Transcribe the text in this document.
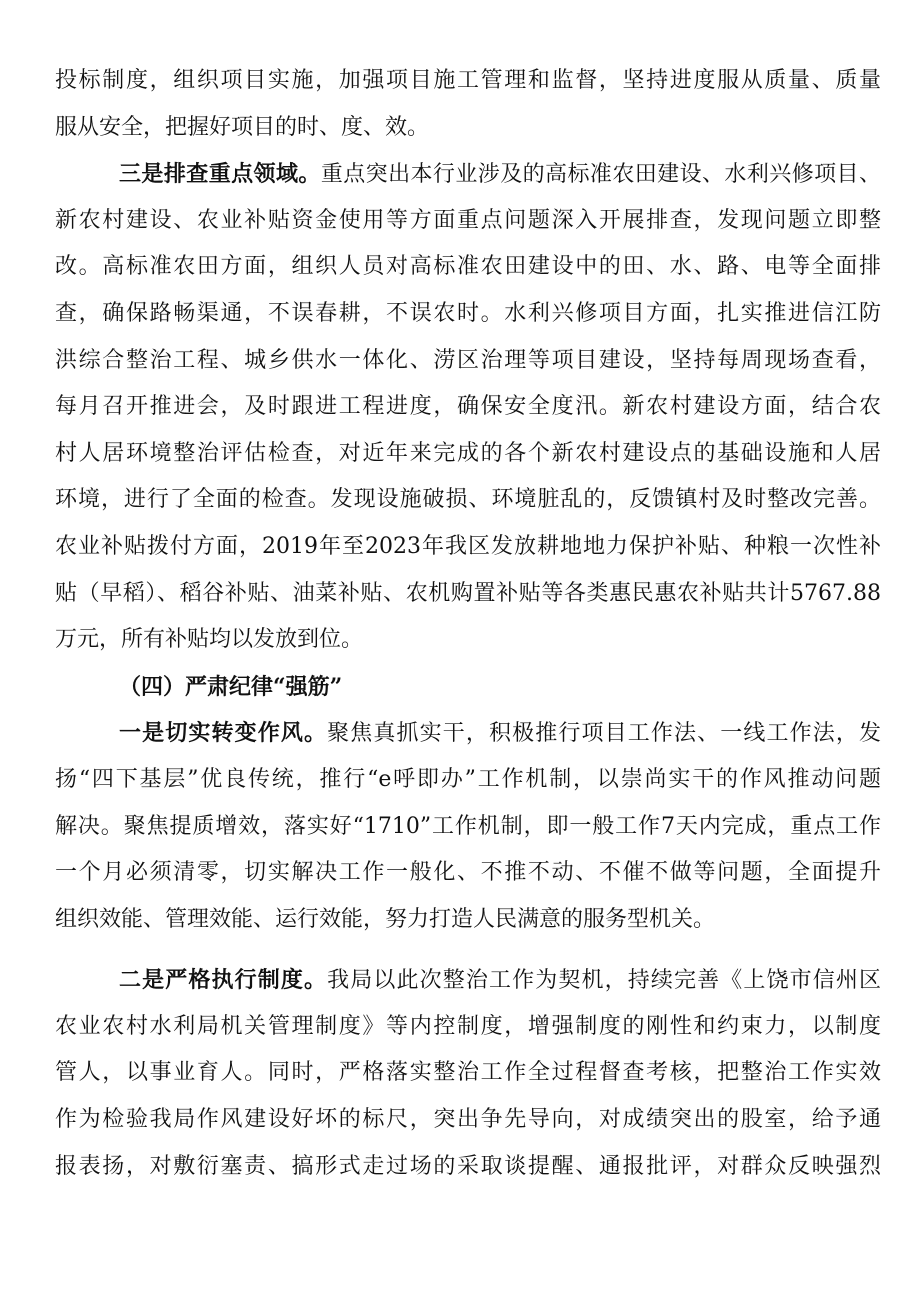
投标制度，组织项目实施，加强项目施工管理和监督，坚持进度服从质量、质量
服从安全，把握好项目的时、度、效。
三是排查重点领域。重点突出本行业涉及的高标准农田建设、水利兴修项目、
新农村建设、农业补贴资金使用等方面重点问题深入开展排查，发现问题立即整
改。高标准农田方面，组织人员对高标准农田建设中的田、水、路、电等全面排
查，确保路畅渠通，不误春耕，不误农时。水利兴修项目方面，扎实推进信江防
洪综合整治工程、城乡供水一体化、涝区治理等项目建设，坚持每周现场查看，
每月召开推进会，及时跟进工程进度，确保安全度汛。新农村建设方面，结合农
村人居环境整治评估检查，对近年来完成的各个新农村建设点的基础设施和人居
环境，进行了全面的检查。发现设施破损、环境脏乱的，反馈镇村及时整改完善。
农业补贴拨付方面，2019年至2023年我区发放耕地地力保护补贴、种粮一次性补
贴（早稻）、稻谷补贴、油菜补贴、农机购置补贴等各类惠民惠农补贴共计5767.88
万元，所有补贴均以发放到位。
（四）严肃纪律“强筋”
一是切实转变作风。聚焦真抓实干，积极推行项目工作法、一线工作法，发
扬“四下基层”优良传统，推行“e呼即办”工作机制，以崇尚实干的作风推动问题
解决。聚焦提质增效，落实好“1710”工作机制，即一般工作7天内完成，重点工作
一个月必须清零，切实解决工作一般化、不推不动、不催不做等问题，全面提升
组织效能、管理效能、运行效能，努力打造人民满意的服务型机关。
二是严格执行制度。我局以此次整治工作为契机，持续完善《上饶市信州区
农业农村水利局机关管理制度》等内控制度，增强制度的刚性和约束力，以制度
管人，以事业育人。同时，严格落实整治工作全过程督查考核，把整治工作实效
作为检验我局作风建设好坏的标尺，突出争先导向，对成绩突出的股室，给予通
报表扬，对敷衍塞责、搞形式走过场的采取谈提醒、通报批评，对群众反映强烈
